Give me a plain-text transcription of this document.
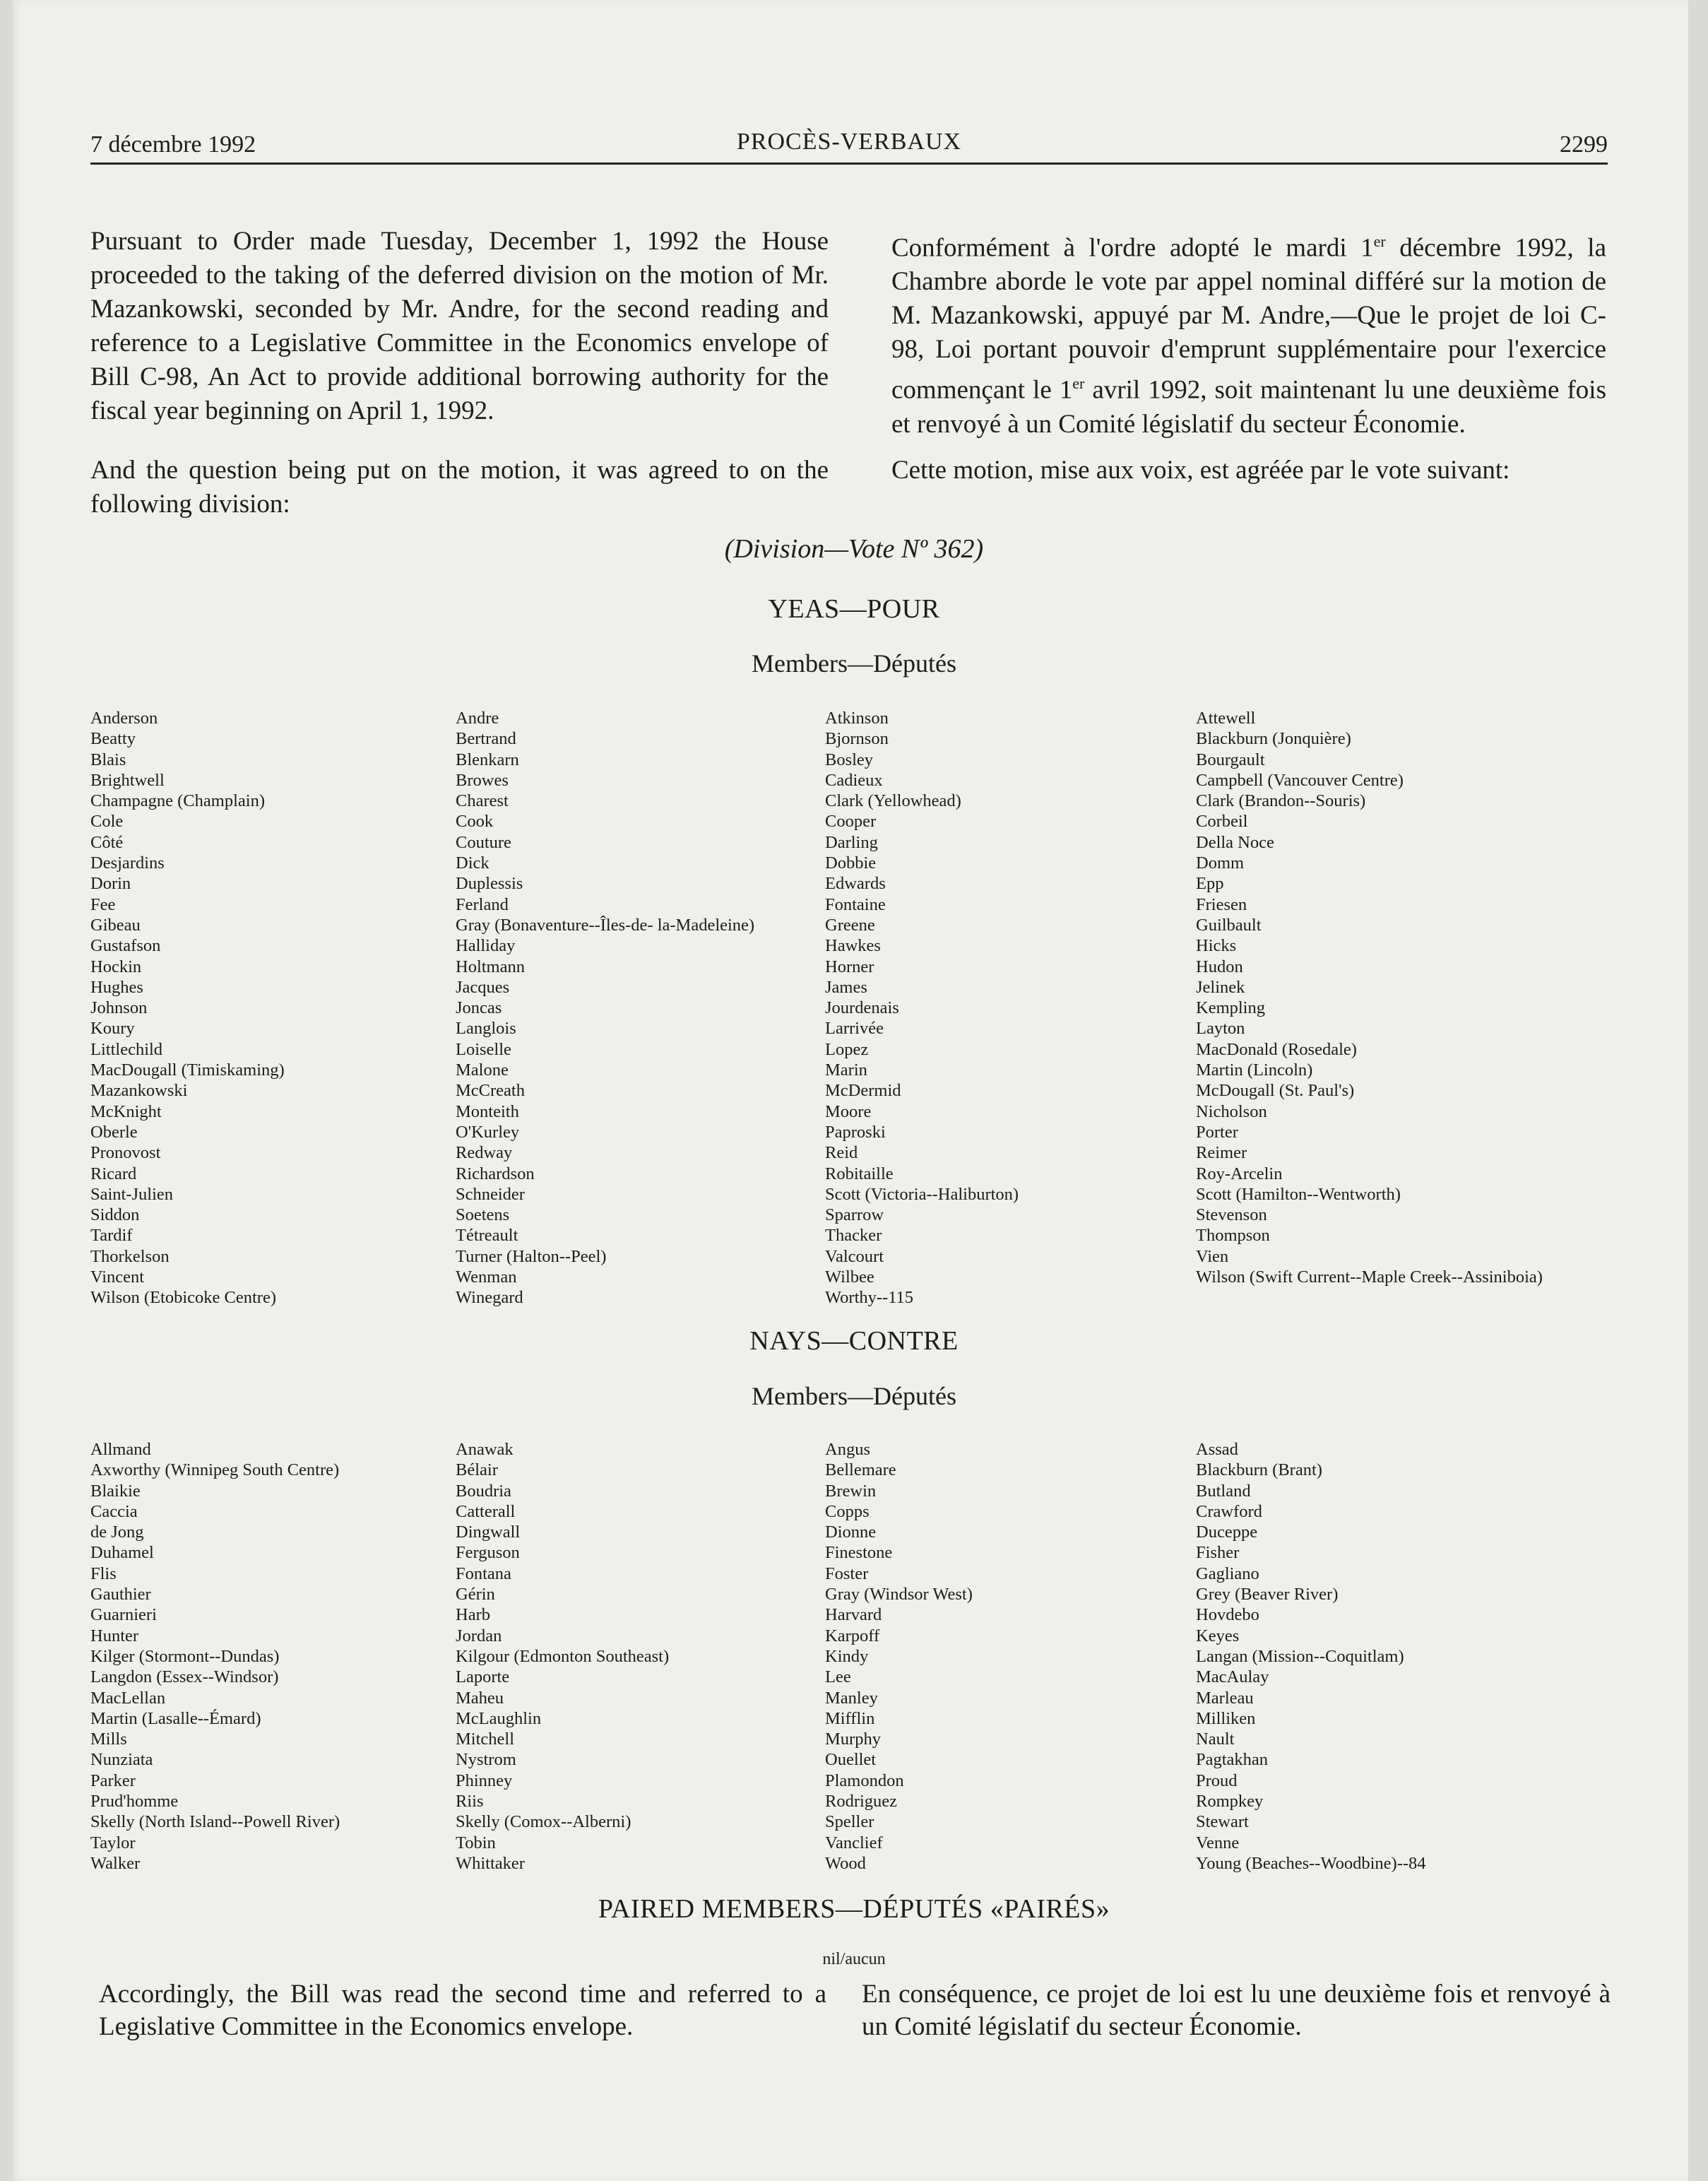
7 décembre 1992	PROCÈS-VERBAUX	2299

Pursuant to Order made Tuesday, December 1, 1992 the House proceeded to the taking of the deferred division on the motion of Mr. Mazankowski, seconded by Mr. Andre, for the second reading and reference to a Legislative Committee in the Economics envelope of Bill C-98, An Act to provide additional borrowing authority for the fiscal year beginning on April 1, 1992.

And the question being put on the motion, it was agreed to on the following division:

Conformément à l'ordre adopté le mardi 1er décembre 1992, la Chambre aborde le vote par appel nominal différé sur la motion de M. Mazankowski, appuyé par M. Andre,—Que le projet de loi C-98, Loi portant pouvoir d'emprunt supplémentaire pour l'exercice commençant le 1er avril 1992, soit maintenant lu une deuxième fois et renvoyé à un Comité législatif du secteur Économie.

Cette motion, mise aux voix, est agréée par le vote suivant:

(Division—Vote Nº 362)
YEAS—POUR
Members—Députés
Anderson
Beatty
Blais
Brightwell
Champagne (Champlain)
Cole
Côté
Desjardins
Dorin
Fee
Gibeau
Gustafson
Hockin
Hughes
Johnson
Koury
Littlechild
MacDougall (Timiskaming)
Mazankowski
McKnight
Oberle
Pronovost
Ricard
Saint-Julien
Siddon
Tardif
Thorkelson
Vincent
Wilson (Etobicoke Centre)
Andre
Bertrand
Blenkarn
Browes
Charest
Cook
Couture
Dick
Duplessis
Ferland
Gray (Bonaventure--Îles-de- la-Madeleine)
Halliday
Holtmann
Jacques
Joncas
Langlois
Loiselle
Malone
McCreath
Monteith
O'Kurley
Redway
Richardson
Schneider
Soetens
Tétreault
Turner (Halton--Peel)
Wenman
Winegard
Atkinson
Bjornson
Bosley
Cadieux
Clark (Yellowhead)
Cooper
Darling
Dobbie
Edwards
Fontaine
Greene
Hawkes
Horner
James
Jourdenais
Larrivée
Lopez
Marin
McDermid
Moore
Paproski
Reid
Robitaille
Scott (Victoria--Haliburton)
Sparrow
Thacker
Valcourt
Wilbee
Worthy--115
Attewell
Blackburn (Jonquière)
Bourgault
Campbell (Vancouver Centre)
Clark (Brandon--Souris)
Corbeil
Della Noce
Domm
Epp
Friesen
Guilbault
Hicks
Hudon
Jelinek
Kempling
Layton
MacDonald (Rosedale)
Martin (Lincoln)
McDougall (St. Paul's)
Nicholson
Porter
Reimer
Roy-Arcelin
Scott (Hamilton--Wentworth)
Stevenson
Thompson
Vien
Wilson (Swift Current--Maple Creek--Assiniboia)
NAYS—CONTRE
Members—Députés
Allmand
Axworthy (Winnipeg South Centre)
Blaikie
Caccia
de Jong
Duhamel
Flis
Gauthier
Guarnieri
Hunter
Kilger (Stormont--Dundas)
Langdon (Essex--Windsor)
MacLellan
Martin (Lasalle--Émard)
Mills
Nunziata
Parker
Prud'homme
Skelly (North Island--Powell River)
Taylor
Walker
Anawak
Bélair
Boudria
Catterall
Dingwall
Ferguson
Fontana
Gérin
Harb
Jordan
Kilgour (Edmonton Southeast)
Laporte
Maheu
McLaughlin
Mitchell
Nystrom
Phinney
Riis
Skelly (Comox--Alberni)
Tobin
Whittaker
Angus
Bellemare
Brewin
Copps
Dionne
Finestone
Foster
Gray (Windsor West)
Harvard
Karpoff
Kindy
Lee
Manley
Mifflin
Murphy
Ouellet
Plamondon
Rodriguez
Speller
Vanclief
Wood
Assad
Blackburn (Brant)
Butland
Crawford
Duceppe
Fisher
Gagliano
Grey (Beaver River)
Hovdebo
Keyes
Langan (Mission--Coquitlam)
MacAulay
Marleau
Milliken
Nault
Pagtakhan
Proud
Rompkey
Stewart
Venne
Young (Beaches--Woodbine)--84
PAIRED MEMBERS—DÉPUTÉS «PAIRÉS»
nil/aucun

Accordingly, the Bill was read the second time and referred to a Legislative Committee in the Economics envelope.

En conséquence, ce projet de loi est lu une deuxième fois et renvoyé à un Comité législatif du secteur Économie.
